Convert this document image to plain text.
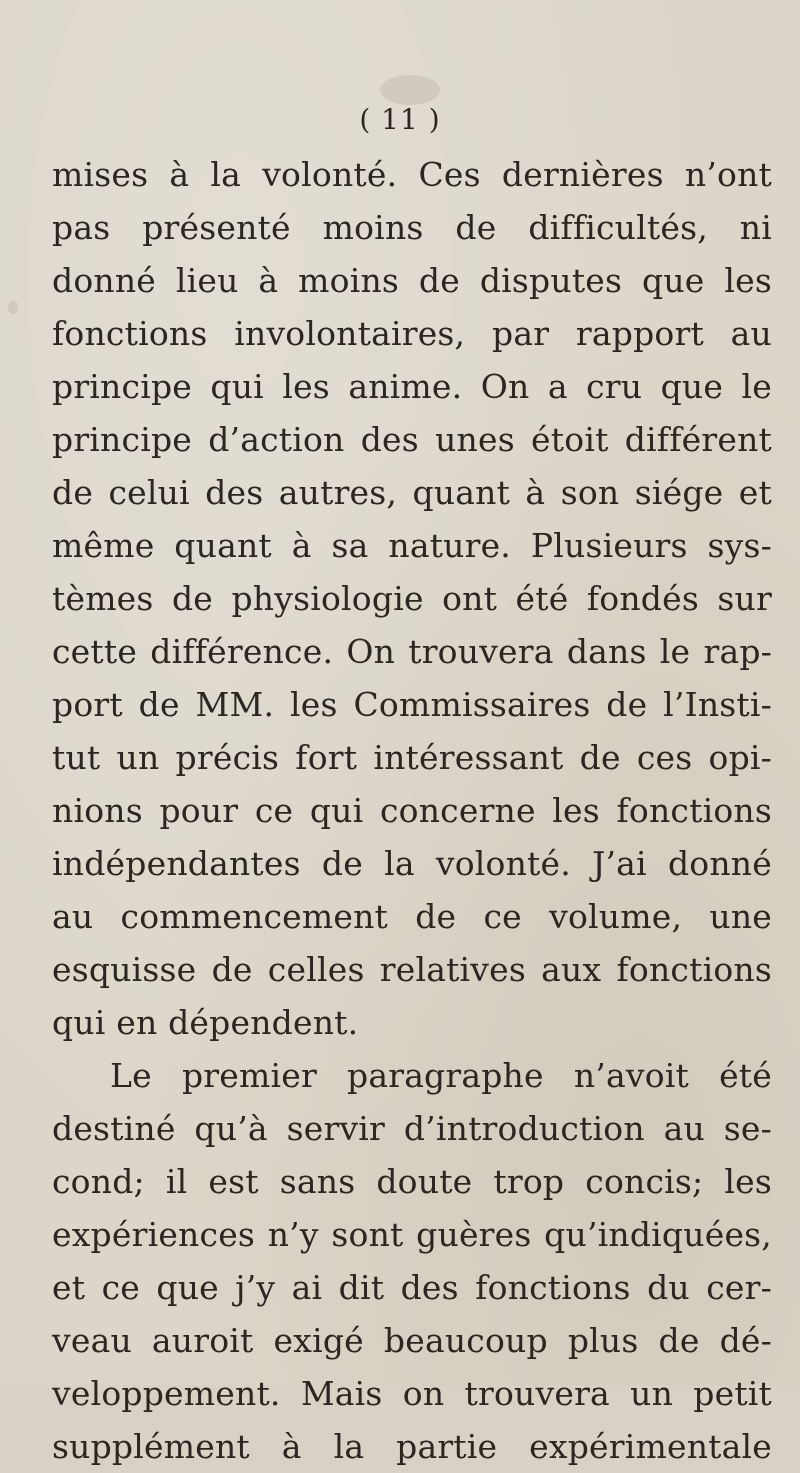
( 11 )
mises à la volonté. Ces dernières n’ont
pas présenté moins de difficultés, ni
donné lieu à moins de disputes que les
fonctions involontaires, par rapport au
principe qui les anime. On a cru que le
principe d’action des unes étoit différent
de celui des autres, quant à son siége et
même quant à sa nature. Plusieurs sys-
tèmes de physiologie ont été fondés sur
cette différence. On trouvera dans le rap-
port de MM. les Commissaires de l’Insti-
tut un précis fort intéressant de ces opi-
nions pour ce qui concerne les fonctions
indépendantes de la volonté. J’ai donné
au commencement de ce volume, une
esquisse de celles relatives aux fonctions
qui en dépendent.
Le premier paragraphe n’avoit été
destiné qu’à servir d’introduction au se-
cond; il est sans doute trop concis; les
expériences n’y sont guères qu’indiquées,
et ce que j’y ai dit des fonctions du cer-
veau auroit exigé beaucoup plus de dé-
veloppement. Mais on trouvera un petit
supplément à la partie expérimentale
